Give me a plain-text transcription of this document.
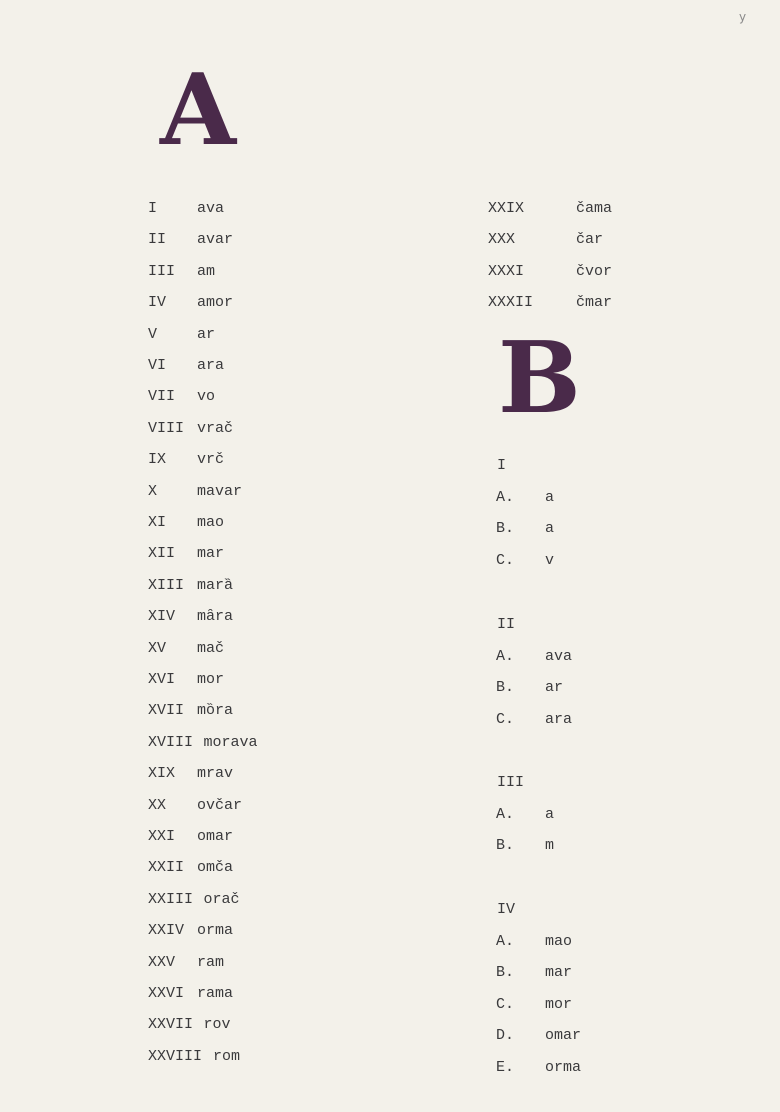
y
A
B
I	ava
II avar
III am
IV amor
V	ar
VI ara
VII vo
VIII vrač
IX vrč
X	mavar
XI mao
XII mar
XIII marȁ
XIV mȃra
XV mač
XVI mor
XVII mȍra
XVIII morava
XIX mrav
XX ovčar
XXI omar
XXII omča
XXIII orač
XXIV orma
XXV ram
XXVI rama
XXVII rov
XXVIII rom
XXIX	čama
XXX	čar
XXXI	čvor
XXXII	čmar
I
A. a
B. a
C. v
II
A. ava
B. ar
C. ara
III
A. a
B. m
IV
A. mao
B. mar
C. mor
D. omar
E. orma
